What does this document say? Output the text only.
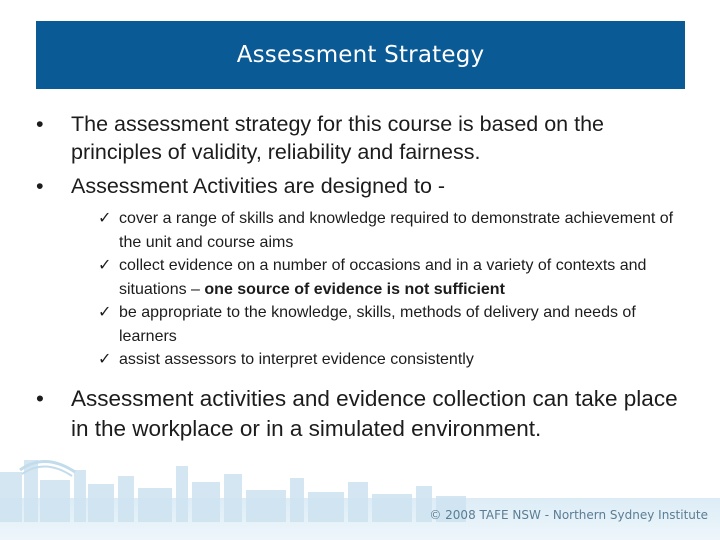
Assessment Strategy
•	The assessment strategy for this course is based on the principles of validity, reliability and fairness.
•	Assessment Activities are designed to -
✓ cover a range of skills and knowledge required to demonstrate achievement of the unit and course aims
✓ collect evidence on a number of occasions and in a variety of contexts and situations – one source of evidence is not sufficient
✓ be appropriate to the knowledge, skills, methods of delivery and needs of learners
✓ assist assessors to interpret evidence consistently
•	Assessment activities and evidence collection can take place in the workplace or in a simulated environment.
© 2008 TAFE NSW - Northern Sydney Institute
